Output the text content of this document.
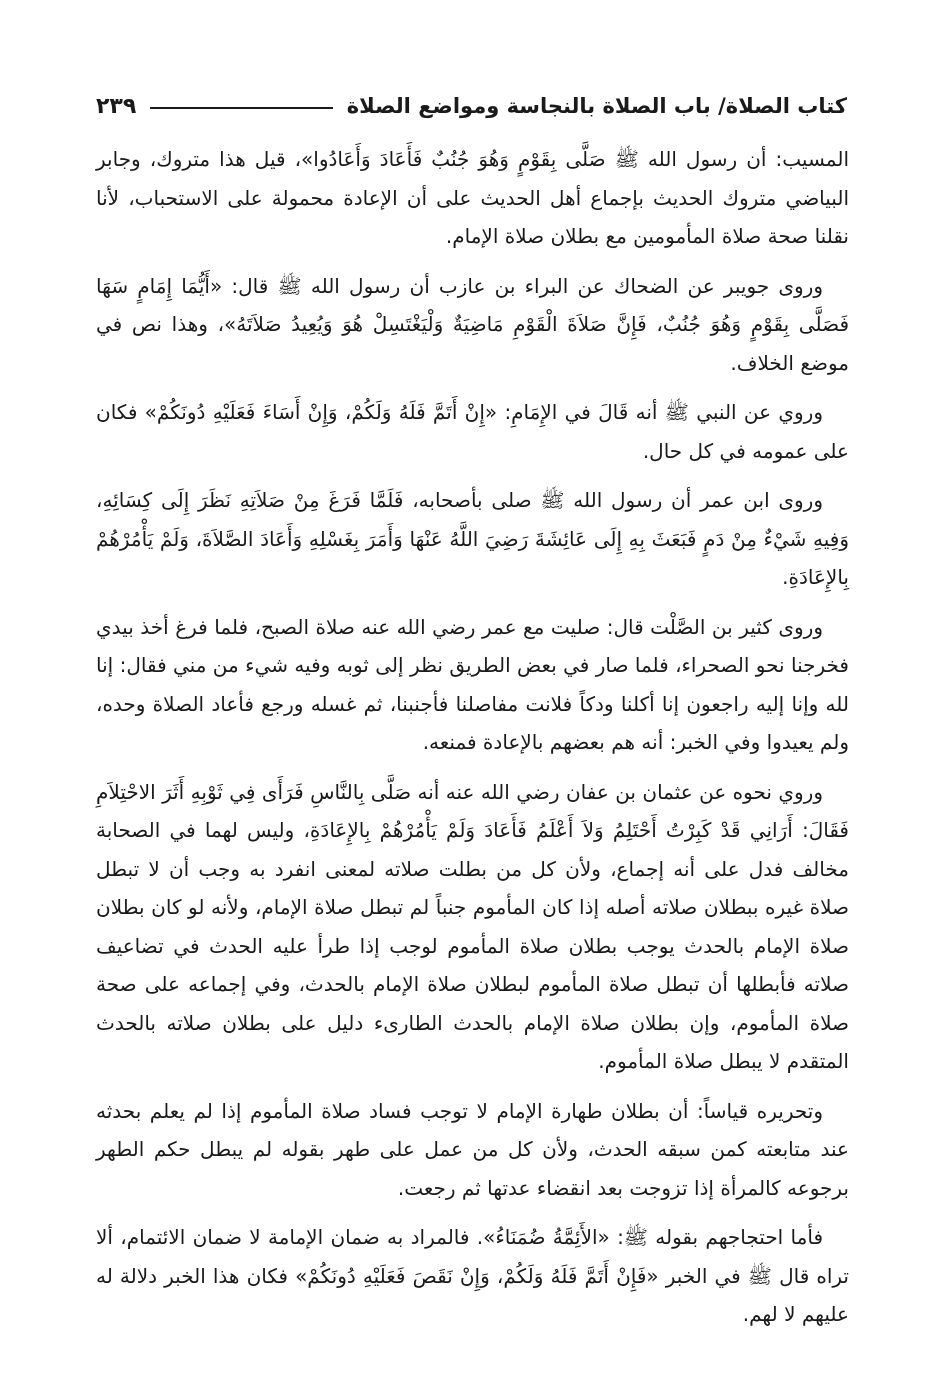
كتاب الصلاة/ باب الصلاة بالنجاسة ومواضع الصلاة
٢٣٩

المسيب: أن رسول الله ﷺ صَلَّى بِقَوْمٍ وَهُوَ جُنُبٌ فَأَعَادَ وَأَعَادُوا»، قيل هذا متروك، وجابر البياضي متروك الحديث بإجماع أهل الحديث على أن الإعادة محمولة على الاستحباب، لأنا نقلنا صحة صلاة المأمومين مع بطلان صلاة الإمام.

وروى جويبر عن الضحاك عن البراء بن عازب أن رسول الله ﷺ قال: «أَيُّمَا إِمَامٍ سَهَا فَصَلَّى بِقَوْمٍ وَهُوَ جُنُبٌ، فَإِنَّ صَلاَةَ الْقَوْمِ مَاضِيَةٌ وَلْيَغْتَسِلْ هُوَ وَيُعِيدُ صَلاَتَهُ»، وهذا نص في موضع الخلاف.

وروي عن النبي ﷺ أنه قَالَ في الإِمَامِ: «إِنْ أَتَمَّ فَلَهُ وَلَكُمْ، وَإِنْ أَسَاءَ فَعَلَيْهِ دُونَكُمْ» فكان على عمومه في كل حال.

وروى ابن عمر أن رسول الله ﷺ صلى بأصحابه، فَلَمَّا فَرَغَ مِنْ صَلاَتِهِ نَظَرَ إِلَى كِسَائِهِ، وَفِيهِ شَيْءٌ مِنْ دَمٍ فَبَعَثَ بِهِ إِلَى عَائِشَةَ رَضِيَ اللَّهُ عَنْهَا وَأَمَرَ بِغَسْلِهِ وَأَعَادَ الصَّلاَةَ، وَلَمْ يَأْمُرْهُمْ بِالإِعَادَةِ.

وروى كثير بن الصَّلْت قال: صليت مع عمر رضي الله عنه صلاة الصبح، فلما فرغ أخذ بيدي فخرجنا نحو الصحراء، فلما صار في بعض الطريق نظر إلى ثوبه وفيه شيء من مني فقال: إنا لله وإنا إليه راجعون إنا أكلنا ودكاً فلانت مفاصلنا فأجنبنا، ثم غسله ورجع فأعاد الصلاة وحده، ولم يعيدوا وفي الخبر: أنه هم بعضهم بالإعادة فمنعه.

وروي نحوه عن عثمان بن عفان رضي الله عنه أنه صَلَّى بِالنَّاسِ فَرَأَى فِي ثَوْبِهِ أَثَرَ الاحْتِلاَمِ فَقَالَ: أَرَانِي قَدْ كَبِرْتُ أَحْتَلِمُ وَلاَ أَعْلَمُ فَأَعَادَ وَلَمْ يَأْمُرْهُمْ بِالإِعَادَةِ، وليس لهما في الصحابة مخالف فدل على أنه إجماع، ولأن كل من بطلت صلاته لمعنى انفرد به وجب أن لا تبطل صلاة غيره ببطلان صلاته أصله إذا كان المأموم جنباً لم تبطل صلاة الإمام، ولأنه لو كان بطلان صلاة الإمام بالحدث يوجب بطلان صلاة المأموم لوجب إذا طرأ عليه الحدث في تضاعيف صلاته فأبطلها أن تبطل صلاة المأموم لبطلان صلاة الإمام بالحدث، وفي إجماعه على صحة صلاة المأموم، وإن بطلان صلاة الإمام بالحدث الطارىء دليل على بطلان صلاته بالحدث المتقدم لا يبطل صلاة المأموم.

وتحريره قياساً: أن بطلان طهارة الإمام لا توجب فساد صلاة المأموم إذا لم يعلم بحدثه عند متابعته كمن سبقه الحدث، ولأن كل من عمل على طهر بقوله لم يبطل حكم الطهر برجوعه كالمرأة إذا تزوجت بعد انقضاء عدتها ثم رجعت.

فأما احتجاجهم بقوله ﷺ: «الأَئِمَّةُ ضُمَنَاءُ». فالمراد به ضمان الإمامة لا ضمان الائتمام، ألا تراه قال ﷺ في الخبر «فَإِنْ أَتَمَّ فَلَهُ وَلَكُمْ، وَإِنْ نَقَصَ فَعَلَيْهِ دُونَكُمْ» فكان هذا الخبر دلالة له عليهم لا لهم.
